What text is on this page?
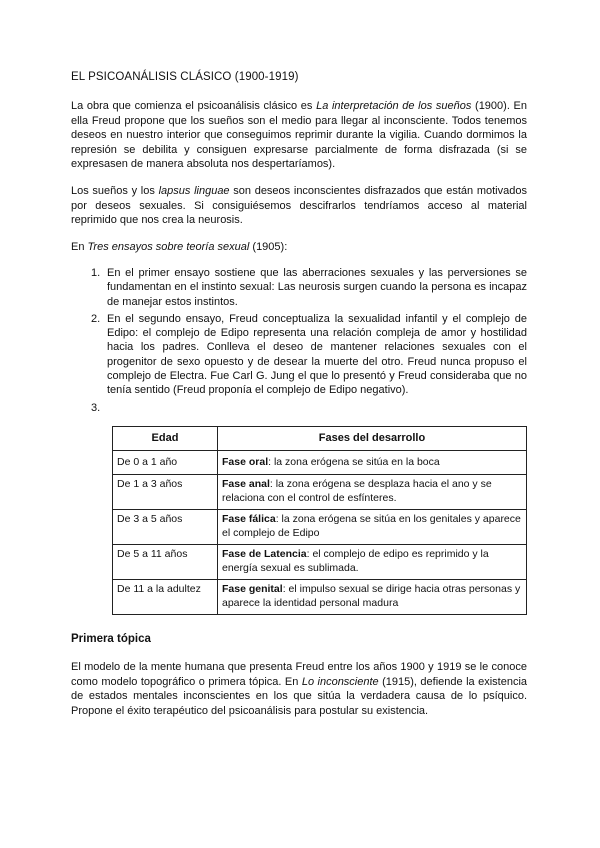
EL PSICOANÁLISIS CLÁSICO (1900-1919)

La obra que comienza el psicoanálisis clásico es La interpretación de los sueños (1900). En ella Freud propone que los sueños son el medio para llegar al inconsciente. Todos tenemos deseos en nuestro interior que conseguimos reprimir durante la vigilia. Cuando dormimos la represión se debilita y consiguen expresarse parcialmente de forma disfrazada (si se expresasen de manera absoluta nos despertaríamos).

Los sueños y los lapsus linguae son deseos inconscientes disfrazados que están motivados por deseos sexuales. Si consiguiésemos descifrarlos tendríamos acceso al material reprimido que nos crea la neurosis.

En Tres ensayos sobre teoría sexual (1905):

1. En el primer ensayo sostiene que las aberraciones sexuales y las perversiones se fundamentan en el instinto sexual: Las neurosis surgen cuando la persona es incapaz de manejar estos instintos.
2. En el segundo ensayo, Freud conceptualiza la sexualidad infantil y el complejo de Edipo: el complejo de Edipo representa una relación compleja de amor y hostilidad hacia los padres. Conlleva el deseo de mantener relaciones sexuales con el progenitor de sexo opuesto y de desear la muerte del otro. Freud nunca propuso el complejo de Electra. Fue Carl G. Jung el que lo presentó y Freud consideraba que no tenía sentido (Freud proponía el complejo de Edipo negativo).
3.

Edad	Fases del desarrollo
De 0 a 1 año	Fase oral: la zona erógena se sitúa en la boca
De 1 a 3 años	Fase anal: la zona erógena se desplaza hacia el ano y se relaciona con el control de esfínteres.
De 3 a 5 años	Fase fálica: la zona erógena se sitúa en los genitales y aparece el complejo de Edipo
De 5 a 11 años	Fase de Latencia: el complejo de edipo es reprimido y la energía sexual es sublimada.
De 11 a la adultez	Fase genital: el impulso sexual se dirige hacia otras personas y aparece la identidad personal madura
Primera tópica

El modelo de la mente humana que presenta Freud entre los años 1900 y 1919 se le conoce como modelo topográfico o primera tópica. En Lo inconsciente (1915), defiende la existencia de estados mentales inconscientes en los que sitúa la verdadera causa de lo psíquico. Propone el éxito terapéutico del psicoanálisis para postular su existencia.
